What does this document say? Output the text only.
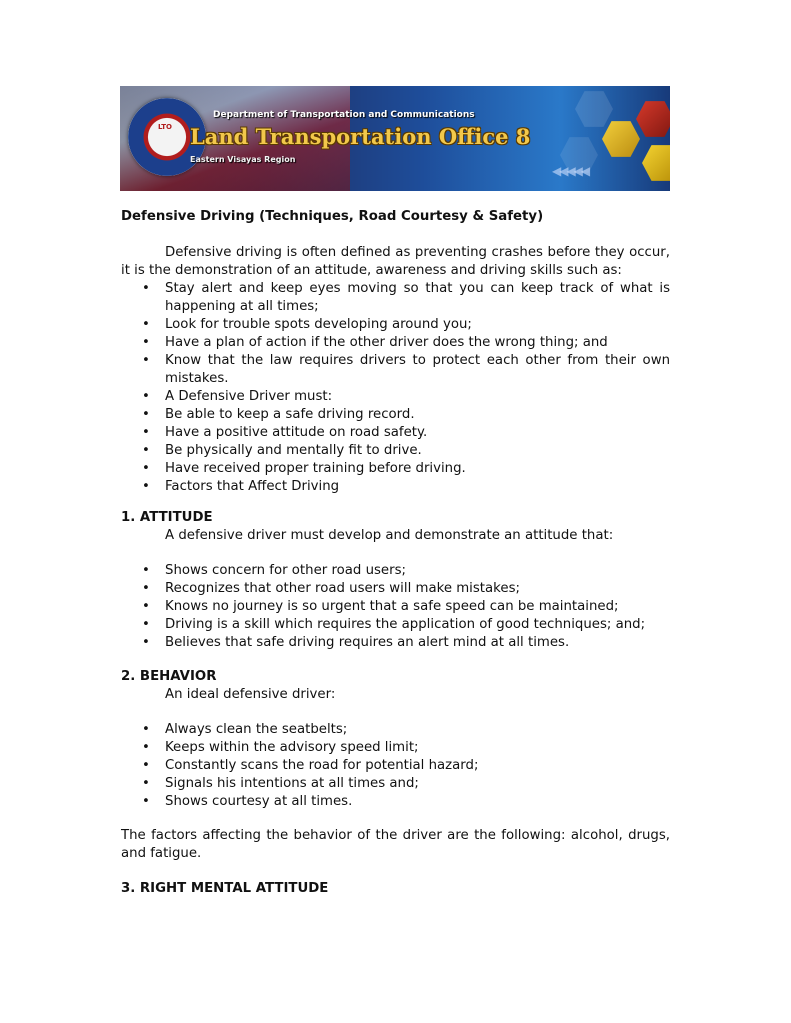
LTO
Department of Transportation and Communications
Land Transportation Office 8
Eastern Visayas Region
◀◀◀◀◀
Defensive Driving (Techniques, Road Courtesy & Safety)

Defensive driving is often defined as preventing crashes before they occur, it is the demonstration of an attitude, awareness and driving skills such as:

• Stay alert and keep eyes moving so that you can keep track of what is happening at all times;
• Look for trouble spots developing around you;
• Have a plan of action if the other driver does the wrong thing; and
• Know that the law requires drivers to protect each other from their own mistakes.
• A Defensive Driver must:
• Be able to keep a safe driving record.
• Have a positive attitude on road safety.
• Be physically and mentally fit to drive.
• Have received proper training before driving.
• Factors that Affect Driving
1. ATTITUDE

A defensive driver must develop and demonstrate an attitude that:

• Shows concern for other road users;
• Recognizes that other road users will make mistakes;
• Knows no journey is so urgent that a safe speed can be maintained;
• Driving is a skill which requires the application of good techniques; and;
• Believes that safe driving requires an alert mind at all times.
2. BEHAVIOR

An ideal defensive driver:

• Always clean the seatbelts;
• Keeps within the advisory speed limit;
• Constantly scans the road for potential hazard;
• Signals his intentions at all times and;
• Shows courtesy at all times.

The factors affecting the behavior of the driver are the following: alcohol, drugs, and fatigue.

3. RIGHT MENTAL ATTITUDE
